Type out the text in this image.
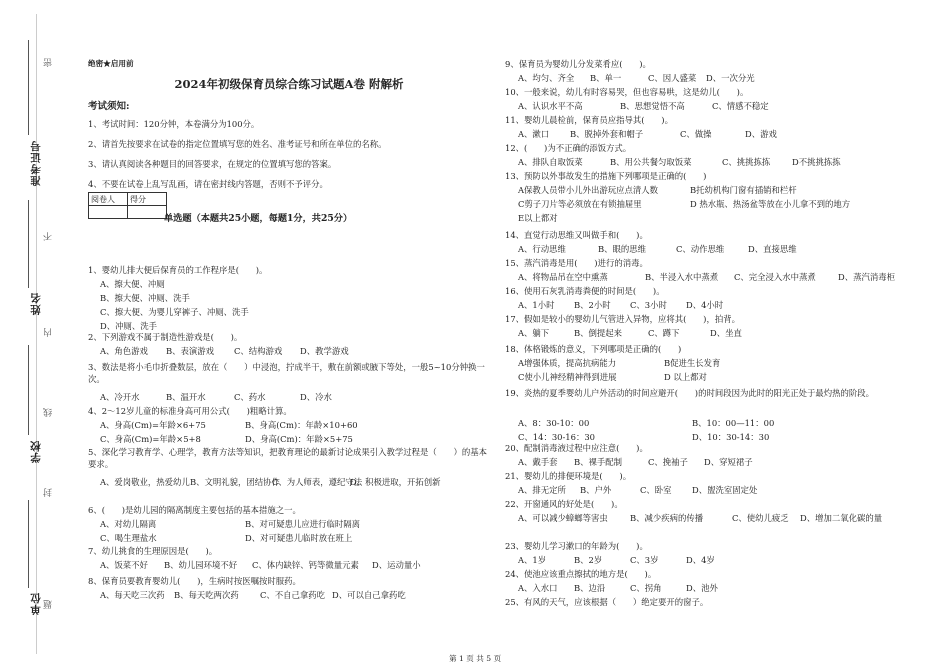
准考证号
姓名
学校
单位
密
不
内
线
封
题
绝密★启用前
2024年初级保育员综合练习试题A卷 附解析
考试须知:
1、考试时间：120分钟，本卷满分为100分。
2、请首先按要求在试卷的指定位置填写您的姓名、准考证号和所在单位的名称。
3、请认真阅读各种题目的回答要求，在规定的位置填写您的答案。
4、不要在试卷上乱写乱画，请在密封线内答题，否则不予评分。
阅卷人	得分

单选题（本题共25小题，每题1分，共25分）
1、婴幼儿排大便后保育员的工作程序是(　　)。
A、擦大便、冲厕
B、擦大便、冲厕、洗手
C、擦大便、为婴儿穿裤子、冲厕、洗手
D、冲厕、洗手
2、下列游戏不属于制造性游戏是(　　)。
A、角色游戏 B、表演游戏 C、结构游戏 D、教学游戏
3、数法是将小毛巾折叠数层，放在（　　）中浸泡，拧成半干，敷在前额或腋下等处，一般5~10分钟换一次。
A、冷开水	B、温开水	C、药水	D、冷水
4、2～12岁儿童的标准身高可用公式(　　)粗略计算。
A、身高(Cm)=年龄×6+75	B、身高(Cm)：年龄×10+60
C、身高(Cm)=年龄×5+8	D、身高(Cm)：年龄×5+75
5、深化学习教育学、心理学，教育方法等知识，把教育理论的最新讨论成果引入教学过程是（　　）的基本要求。
A、爱岗敬业，热爱幼儿 B、文明礼貌，团结协作
C、为人师表，遵纪守法
D、积极进取，开拓创新
6、(　　)是幼儿园的隔离制度主要包括的基本措施之一。
A、对幼儿隔离	B、对可疑患儿应进行临时隔离
C、喝生理盐水	D、对可疑患儿临时放在班上
7、幼儿挑食的生理原因是(　　)。
A、饭菜不好 B、幼儿园环境不好 C、体内缺锌、钙等微量元素 D、运动量小
8、保育员要教育婴幼儿(　　)，生病时按医嘱按时服药。
A、每天吃三次药 B、每天吃两次药	C、不自己拿药吃 D、可以自己拿药吃
9、保育员为婴幼儿分发菜肴应(　　)。
A、均匀、齐全 B、单一	C、因人盛菜 D、一次分光
10、一般来说，幼儿有时容易哭，但也容易哄，这是幼儿(　　)。
A、认识水平不高	B、思想觉悟不高	C、情感不稳定
11、婴幼儿晨检前，保育员应指导其(　　)。
A、漱口 B、脱掉外套和帽子	C、做操	D、游戏
12、(　　)为不正确的添饭方式。
A、排队自取饭菜	B、用公共餐匀取饭菜	C、挑挑拣拣	D不挑挑拣拣
13、预防以外事故发生的措施下列哪项是正确的(　　)
A保教人员带小儿外出游玩应点清人数	B托幼机构门窗有插销和栏杆
C剪子刀片等必须放在有锁抽屉里	D 热水瓶、热汤盆等放在小儿拿不到的地方
E以上都对
14、直觉行动思维又叫做手和(　　)。
A、行动思维	B、眼的思维	C、动作思维	D、直接思维
15、蒸汽消毒是用(　　)进行的消毒。
A、将物品吊在空中熏蒸	B、半浸入水中蒸煮 C、完全浸入水中蒸煮	D、蒸汽消毒柜
16、使用石灰乳消毒粪便的时间是(　　)。
A、1小时 B、2小时 C、3小时 D、4小时
17、假如是较小的婴幼儿气管进入异物，应将其(　　)，拍背。
A、躺下	B、倒提起来	C、蹲下	D、坐直
18、体格锻炼的意义，下列哪项是正确的(　　)
A增强体质，提高抗病能力	B促进生长发育
C使小儿神经精神得到进展	D 以上都对
19、炎热的夏季婴幼儿户外活动的时间应避开(　　)的时间段因为此时的阳光正处于最灼热的阶段。
A、8：30-10：00	B、10：00—11：00
C、14：30-16：30	D、10：30-14：30
20、配制消毒液过程中应注意(　　)。
A、戴手套 B、裸手配制	C、挽袖子 D、穿短裙子
21、婴幼儿的排便环境是(　　)。
A、排无定所 B、户外	C、卧室 D、盥洗室固定处
22、开窗通风的好处是(　　)。
A、可以减少蟑螂等害虫	B、减少疾病的传播	C、使幼儿疲乏 D、增加二氧化碳的量
23、婴幼儿学习漱口的年龄为(　　)。
A、1岁	B、2岁	C、3岁	D、4岁
24、使池应该重点擦拭的地方是(　　)。
A、入水口 B、边沿	C、拐角	D、池外
25、有风的天气，应该根据（　　）绝定要开的窗子。
第 1 页 共 5 页
